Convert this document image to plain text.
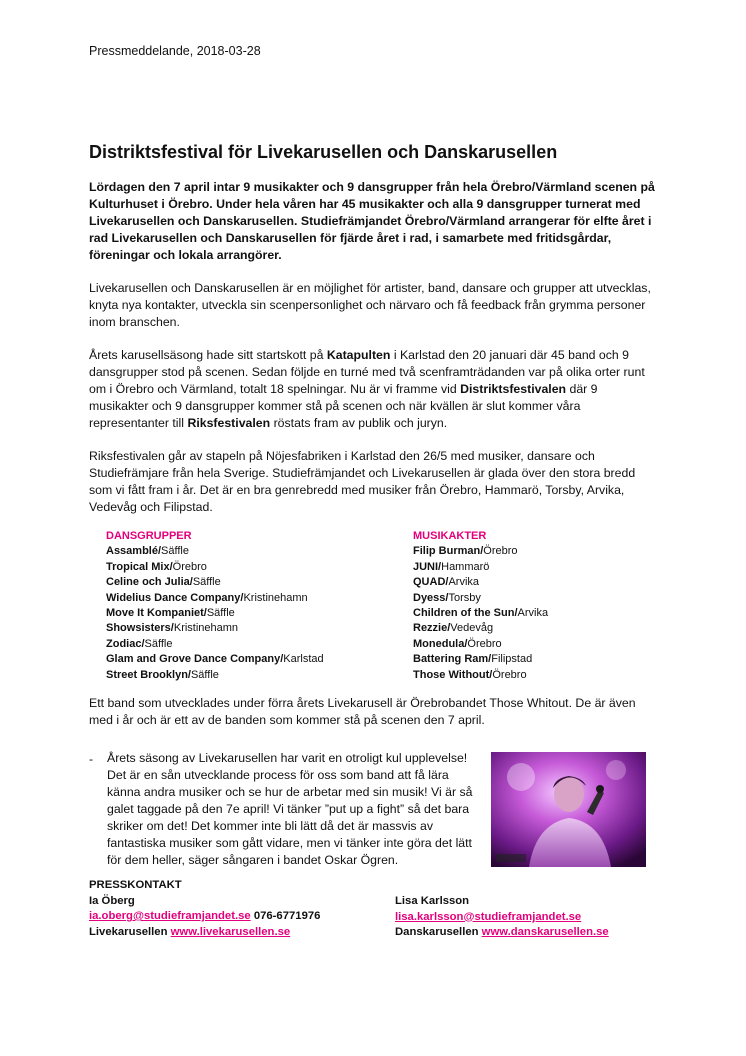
Pressmeddelande, 2018-03-28
Distriktsfestival för Livekarusellen och Danskarusellen

Lördagen den 7 april intar 9 musikakter och 9 dansgrupper från hela Örebro/Värmland scenen på Kulturhuset i Örebro. Under hela våren har 45 musikakter och alla 9 dansgrupper turnerat med Livekarusellen och Danskarusellen. Studiefrämjandet Örebro/Värmland arrangerar för elfte året i rad Livekarusellen och Danskarusellen för fjärde året i rad, i samarbete med fritidsgårdar, föreningar och lokala arrangörer.

Livekarusellen och Danskarusellen är en möjlighet för artister, band, dansare och grupper att utvecklas, knyta nya kontakter, utveckla sin scenpersonlighet och närvaro och få feedback från grymma personer inom branschen.

Årets karusellsäsong hade sitt startskott på Katapulten i Karlstad den 20 januari där 45 band och 9 dansgrupper stod på scenen. Sedan följde en turné med två scenframträdanden var på olika orter runt om i Örebro och Värmland, totalt 18 spelningar. Nu är vi framme vid Distriktsfestivalen där 9 musikakter och 9 dansgrupper kommer stå på scenen och när kvällen är slut kommer våra representanter till Riksfestivalen röstats fram av publik och juryn.

Riksfestivalen går av stapeln på Nöjesfabriken i Karlstad den 26/5 med musiker, dansare och Studiefrämjare från hela Sverige. Studiefrämjandet och Livekarusellen är glada över den stora bredd som vi fått fram i år. Det är en bra genrebredd med musiker från Örebro, Hammarö, Torsby, Arvika, Vedevåg och Filipstad.

DANSGRUPPER
Assamblé/Säffle
Tropical Mix/Örebro
Celine och Julia/Säffle
Widelius Dance Company/Kristinehamn
Move It Kompaniet/Säffle
Showsisters/Kristinehamn
Zodiac/Säffle
Glam and Grove Dance Company/Karlstad
Street Brooklyn/Säffle
MUSIKAKTER
Filip Burman/Örebro
JUNI/Hammarö
QUAD/Arvika
Dyess/Torsby
Children of the Sun/Arvika
Rezzie/Vedevåg
Monedula/Örebro
Battering Ram/Filipstad
Those Without/Örebro

Ett band som utvecklades under förra årets Livekarusell är Örebrobandet Those Whitout. De är även med i år och är ett av de banden som kommer stå på scenen den 7 april.

- Årets säsong av Livekarusellen har varit en otroligt kul upplevelse! Det är en sån utvecklande process för oss som band att få lära känna andra musiker och se hur de arbetar med sin musik! Vi är så galet taggade på den 7e april! Vi tänker ”put up a fight” så det bara skriker om det! Det kommer inte bli lätt då det är massvis av fantastiska musiker som gått vidare, men vi tänker inte göra det lätt för dem heller, säger sångaren i bandet Oskar Ögren.

PRESSKONTAKT
Ia Öberg
ia.oberg@studieframjandet.se 076-6771976
Livekarusellen www.livekarusellen.se
Lisa Karlsson
lisa.karlsson@studieframjandet.se
Danskarusellen www.danskarusellen.se
